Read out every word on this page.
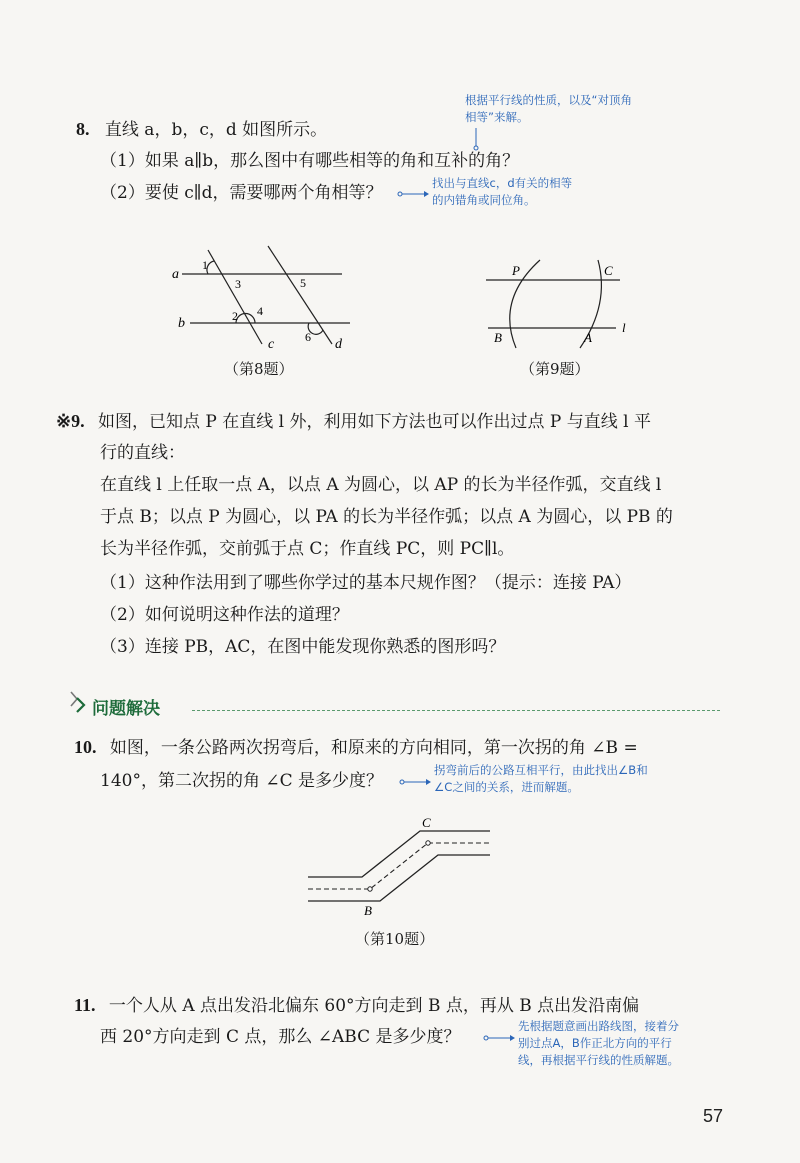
根据平行线的性质，以及“对顶角
相等”来解。
8. 直线 a，b，c，d 如图所示。
（1）如果 a∥b，那么图中有哪些相等的角和互补的角？
（2）要使 c∥d，需要哪两个角相等？	找出与直线c，d有关的相等
的内错角或同位角。
a
b
c	d
1
2
3
4
5
6
（第8题）
P	C
B	A
l
（第9题）
※9. 如图，已知点 P 在直线 l 外，利用如下方法也可以作出过点 P 与直线 l 平
行的直线：
在直线 l 上任取一点 A，以点 A 为圆心，以 AP 的长为半径作弧，交直线 l
于点 B；以点 P 为圆心，以 PA 的长为半径作弧；以点 A 为圆心，以 PB 的
长为半径作弧，交前弧于点 C；作直线 PC，则 PC∥l。
（1）这种作法用到了哪些你学过的基本尺规作图？（提示：连接 PA）
（2）如何说明这种作法的道理？
（3）连接 PB，AC，在图中能发现你熟悉的图形吗？
问题解决
10. 如图，一条公路两次拐弯后，和原来的方向相同，第一次拐的角 ∠B =
140°，第二次拐的角 ∠C 是多少度？
拐弯前后的公路互相平行，由此找出∠B和
∠C之间的关系，进而解题。
B
C
（第10题）
11. 一个人从 A 点出发沿北偏东 60°方向走到 B 点，再从 B 点出发沿南偏
西 20°方向走到 C 点，那么 ∠ABC 是多少度？
先根据题意画出路线图，接着分
别过点A，B作正北方向的平行
线，再根据平行线的性质解题。
57
